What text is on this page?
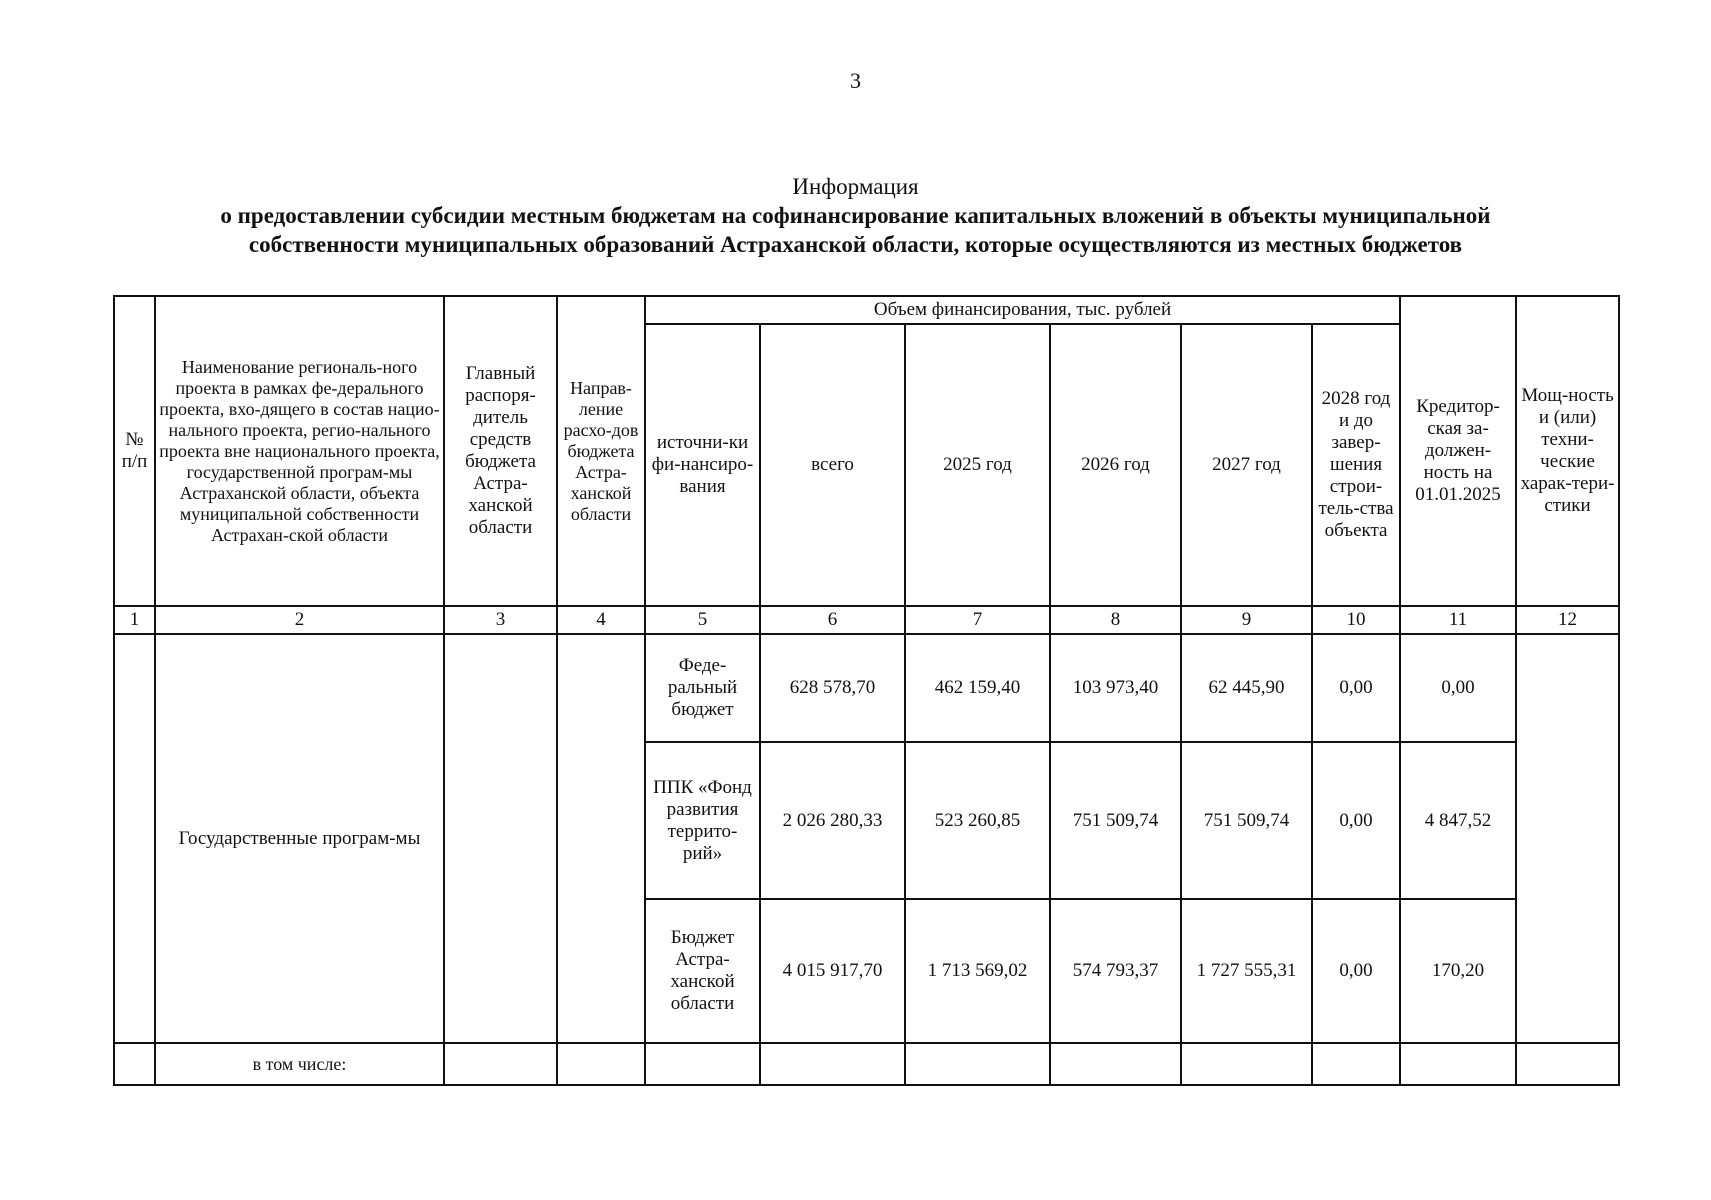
3
Информация
о предоставлении субсидии местным бюджетам на софинансирование капитальных вложений в объекты муниципальной
собственности муниципальных образований Астраханской области, которые осуществляются из местных бюджетов
№ п/п	Наименование региональ-ного проекта в рамках фе-дерального проекта, вхо-дящего в состав нацио-нального проекта, регио-нального проекта вне национального проекта, государственной програм-мы Астраханской области, объекта муниципальной собственности Астрахан-ской области	Главный распоря-дитель средств бюджета Астра-ханской области	Направ-ление расхо-дов бюджета Астра-ханской области	Объем финансирования, тыс. рублей						Кредитор-ская за-должен-ность на 01.01.2025	Мощ-ность и (или) техни-ческие харак-тери-стики
				источни-ки фи-нансиро-вания	всего	2025 год	2026 год	2027 год	2028 год и до завер-шения строи-тель-ства объекта		
1	2	3	4	5	6	7	8	9	10	11	12
	Государственные програм-мы			Феде-ральный бюджет	628 578,70	462 159,40	103 973,40	62 445,90	0,00	0,00	
				ППК «Фонд развития террито-рий»	2 026 280,33	523 260,85	751 509,74	751 509,74	0,00	4 847,52	
				Бюджет Астра-ханской области	4 015 917,70	1 713 569,02	574 793,37	1 727 555,31	0,00	170,20	
	в том числе:										
